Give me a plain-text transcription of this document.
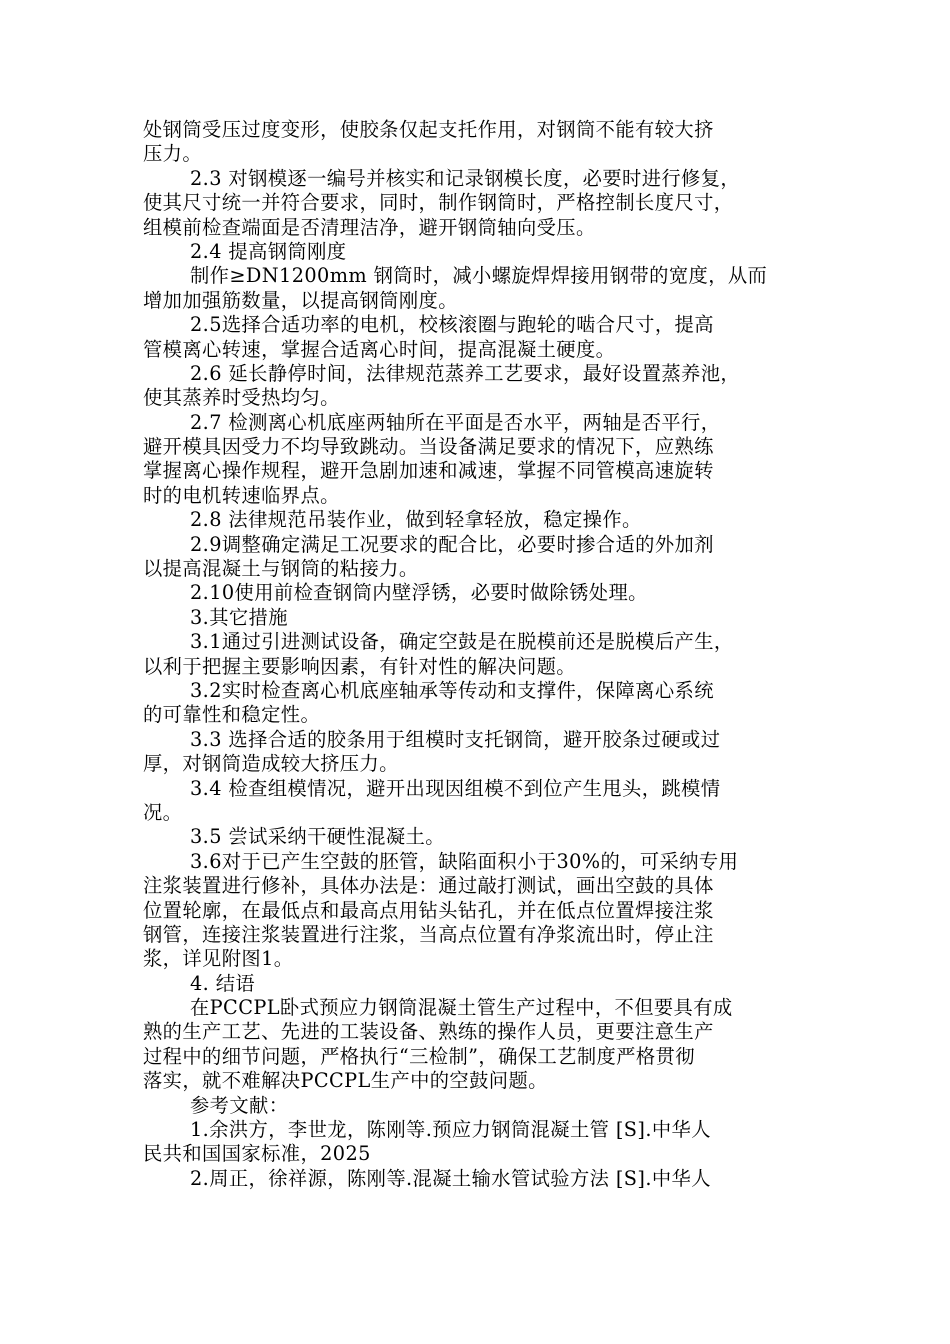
处钢筒受压过度变形，使胶条仅起支托作用，对钢筒不能有较大挤
压力。
2.3 对钢模逐一编号并核实和记录钢模长度，必要时进行修复，
使其尺寸统一并符合要求，同时，制作钢筒时，严格控制长度尺寸，
组模前检查端面是否清理洁净，避开钢筒轴向受压。
2.4 提高钢筒刚度
制作≥DN1200mm 钢筒时，减小螺旋焊焊接用钢带的宽度，从而
增加加强筋数量，以提高钢筒刚度。
2.5选择合适功率的电机，校核滚圈与跑轮的啮合尺寸，提高
管模离心转速，掌握合适离心时间，提高混凝土硬度。
2.6 延长静停时间，法律规范蒸养工艺要求，最好设置蒸养池，
使其蒸养时受热均匀。
2.7 检测离心机底座两轴所在平面是否水平，两轴是否平行，
避开模具因受力不均导致跳动。当设备满足要求的情况下，应熟练
掌握离心操作规程，避开急剧加速和减速，掌握不同管模高速旋转
时的电机转速临界点。
2.8 法律规范吊装作业，做到轻拿轻放，稳定操作。
2.9调整确定满足工况要求的配合比，必要时掺合适的外加剂
以提高混凝土与钢筒的粘接力。
2.10使用前检查钢筒内壁浮锈，必要时做除锈处理。
3.其它措施
3.1通过引进测试设备，确定空鼓是在脱模前还是脱模后产生，
以利于把握主要影响因素，有针对性的解决问题。
3.2实时检查离心机底座轴承等传动和支撑件，保障离心系统
的可靠性和稳定性。
3.3 选择合适的胶条用于组模时支托钢筒，避开胶条过硬或过
厚，对钢筒造成较大挤压力。
3.4 检查组模情况，避开出现因组模不到位产生甩头，跳模情
况。
3.5 尝试采纳干硬性混凝土。
3.6对于已产生空鼓的胚管，缺陷面积小于30%的，可采纳专用
注浆装置进行修补，具体办法是：通过敲打测试，画出空鼓的具体
位置轮廓，在最低点和最高点用钻头钻孔，并在低点位置焊接注浆
钢管，连接注浆装置进行注浆，当高点位置有净浆流出时，停止注
浆，详见附图1。
4. 结语
在PCCPL卧式预应力钢筒混凝土管生产过程中，不但要具有成
熟的生产工艺、先进的工装设备、熟练的操作人员，更要注意生产
过程中的细节问题，严格执行“三检制”，确保工艺制度严格贯彻
落实，就不难解决PCCPL生产中的空鼓问题。
参考文献：
1.余洪方，李世龙，陈刚等.预应力钢筒混凝土管 [S].中华人
民共和国国家标准，2025
2.周正，徐祥源，陈刚等.混凝土输水管试验方法 [S].中华人
